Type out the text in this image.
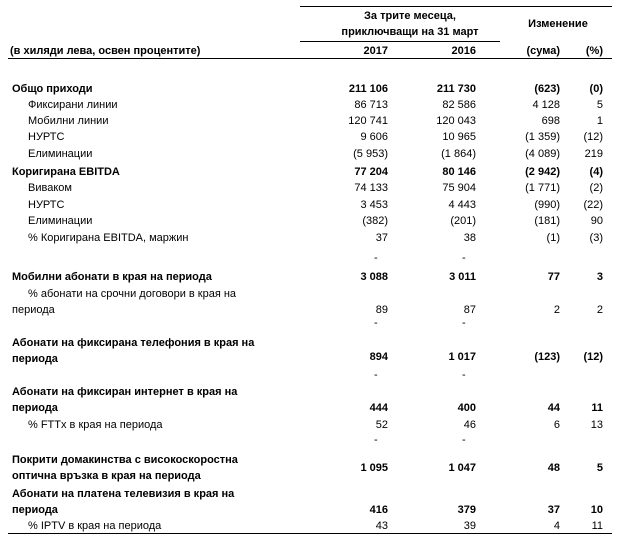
За трите месеца,
приключващи на 31 март
Изменение
(в хиляди лева, освен процентите)	2017	2016	(сума)	(%)
Общо приходи	211 106	211 730	(623)	(0)
Фиксирани линии	86 713	82 586	4 128	5
Мобилни линии	120 741	120 043	698	1
НУРТС	9 606	10 965	(1 359)	(12)
Елиминации	(5 953)	(1 864)	(4 089)	219
Коригирана EBITDA	77 204	80 146	(2 942)	(4)
Виваком	74 133	75 904	(1 771)	(2)
НУРТС	3 453	4 443	(990)	(22)
Елиминации	(382)	(201)	(181)	90
% Коригирана EBITDA, маржин	37	38	(1)	(3)
-	-
Мобилни абонати в края на периода	3 088	3 011	77	3
% абонати на срочни договори в края на
периода	89	87	2	2
-	-
Абонати на фиксирана телефония в края на
периода	894	1 017	(123)	(12)
-	-
Абонати на фиксиран интернет в края на
периода	444	400	44	11
% FTTx в края на периода	52	46	6	13
-	-
Покрити домакинства с високоскоростна
оптична връзка в края на периода
1 095	1 047	48	5
Абонати на платена телевизия в края на
периода	416	379	37	10
% IPTV в края на периода	43	39	4	11
